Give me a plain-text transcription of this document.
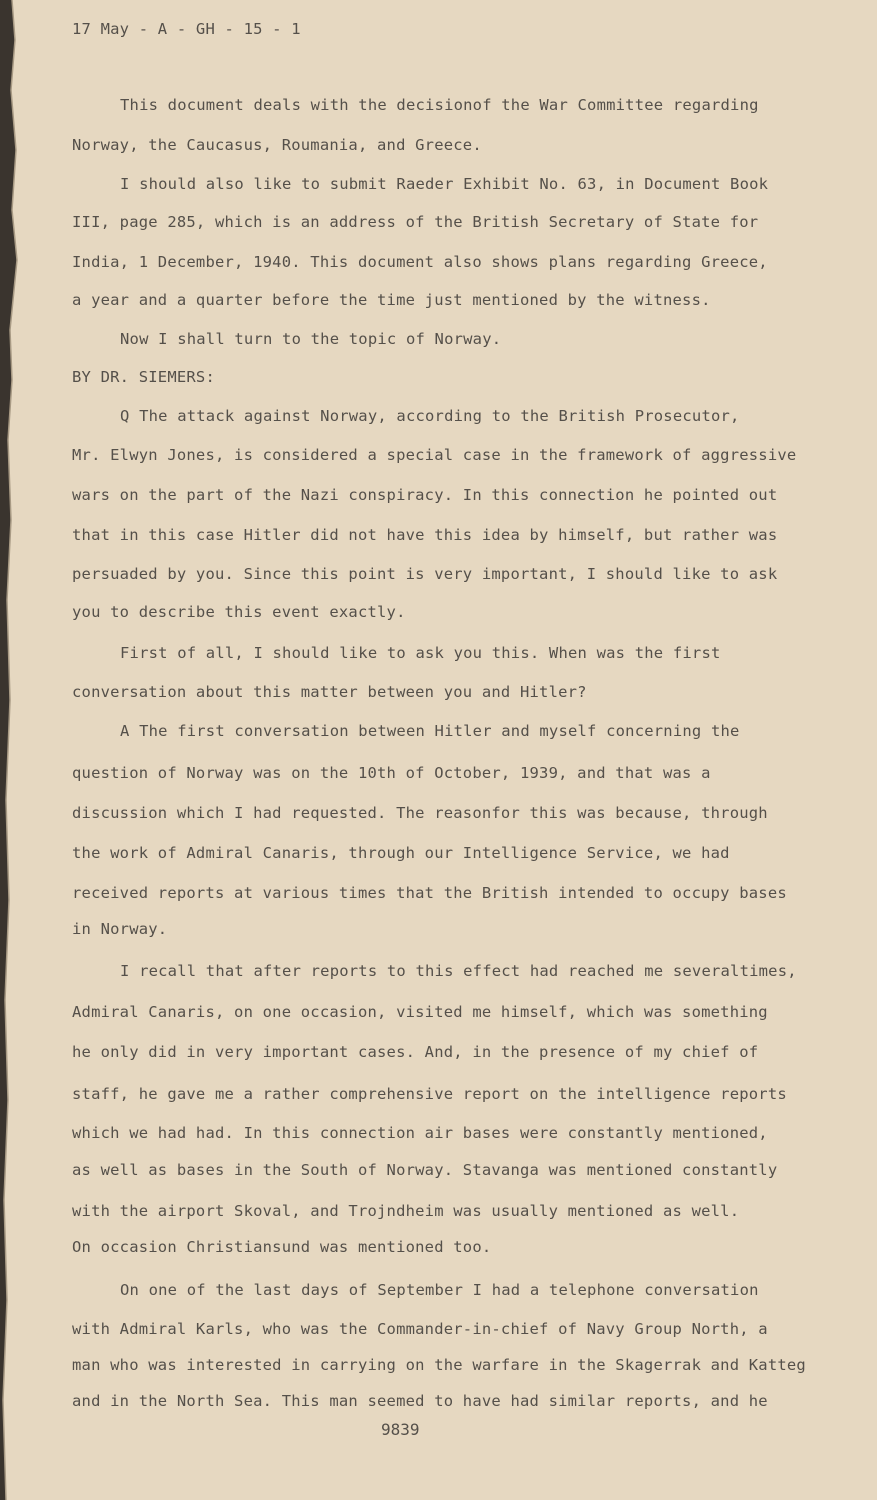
17 May - A - GH - 15 - 1
This document deals with the decisionof the War Committee regarding
Norway, the Caucasus, Roumania, and Greece.
I should also like to submit Raeder Exhibit No. 63, in Document Book
III, page 285, which is an address of the British Secretary of State for
India, 1 December, 1940. This document also shows plans regarding Greece,
a year and a quarter before the time just mentioned by the witness.
Now I shall turn to the topic of Norway.
BY DR. SIEMERS:
Q The attack against Norway, according to the British Prosecutor,
Mr. Elwyn Jones, is considered a special case in the framework of aggressive
wars on the part of the Nazi conspiracy. In this connection he pointed out
that in this case Hitler did not have this idea by himself, but rather was
persuaded by you. Since this point is very important, I should like to ask
you to describe this event exactly.
First of all, I should like to ask you this. When was the first
conversation about this matter between you and Hitler?
A The first conversation between Hitler and myself concerning the
question of Norway was on the 10th of October, 1939, and that was a
discussion which I had requested. The reasonfor this was because, through
the work of Admiral Canaris, through our Intelligence Service, we had
received reports at various times that the British intended to occupy bases
in Norway.
I recall that after reports to this effect had reached me severaltimes,
Admiral Canaris, on one occasion, visited me himself, which was something
he only did in very important cases. And, in the presence of my chief of
staff, he gave me a rather comprehensive report on the intelligence reports
which we had had. In this connection air bases were constantly mentioned,
as well as bases in the South of Norway. Stavanga was mentioned constantly
with the airport Skoval, and Trojndheim was usually mentioned as well.
On occasion Christiansund was mentioned too.
On one of the last days of September I had a telephone conversation
with Admiral Karls, who was the Commander-in-chief of Navy Group North, a
man who was interested in carrying on the warfare in the Skagerrak and Katteg
and in the North Sea. This man seemed to have had similar reports, and he
9839
